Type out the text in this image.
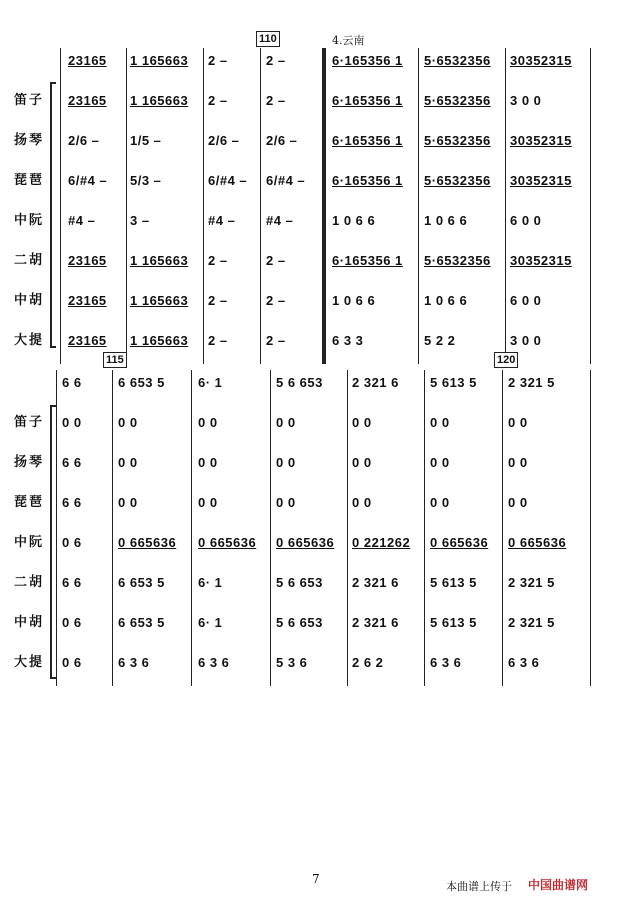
110	4.云南
23165	1 165663	2 –	2 –	6·165356 1	5·6532356	30352315
笛子	23165	1 165663	2 –	2 –	6·165356 1	5·6532356	3 0 0
扬琴	2/6 –	1/5 –	2/6 –	2/6 –	6·165356 1	5·6532356	30352315
琵琶	6/#4 –	5/3 –	6/#4 –	6/#4 –	6·165356 1	5·6532356	30352315
中阮	#4 –	3 –	#4 –	#4 –	1 0 6 6	1 0 6 6	6 0 0
二胡	23165	1 165663	2 –	2 –	6·165356 1	5·6532356	30352315
中胡	23165	1 165663	2 –	2 –	1 0 6 6	1 0 6 6	6 0 0
大提	23165	1 165663	2 –	2 –	6 3 3	5 2 2	3 0 0
115	120
6 6	6 653 5	6· 1	5 6 653	2 321 6	5 613 5	2 321 5
笛子	0 0	0 0	0 0	0 0	0 0	0 0	0 0
扬琴	6 6	0 0	0 0	0 0	0 0	0 0	0 0
琵琶	6 6	0 0	0 0	0 0	0 0	0 0	0 0
中阮	0 6	0 665636	0 665636	0 665636	0 221262	0 665636	0 665636
二胡	6 6	6 653 5	6· 1	5 6 653	2 321 6	5 613 5	2 321 5
中胡	0 6	6 653 5	6· 1	5 6 653	2 321 6	5 613 5	2 321 5
大提	0 6	6 3 6	6 3 6	5 3 6	2 6 2	6 3 6	6 3 6
7
本曲谱上传于 中国曲谱网
